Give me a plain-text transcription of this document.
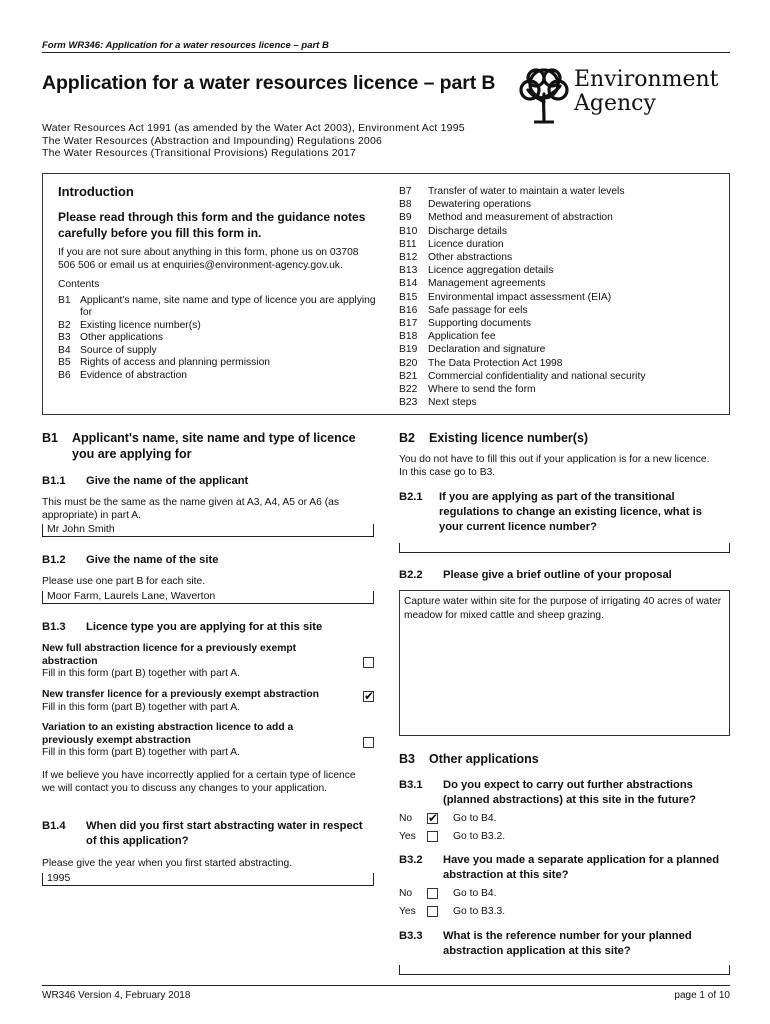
Form WR346: Application for a water resources licence – part B
Application for a water resources licence – part B	Environment
Agency
Water Resources Act 1991 (as amended by the Water Act 2003), Environment Act 1995
The Water Resources (Abstraction and Impounding) Regulations 2006
The Water Resources (Transitional Provisions) Regulations 2017
Introduction
Please read through this form and the guidance notes carefully before you fill this form in.
If you are not sure about anything in this form, phone us on 03708 506 506 or email us at enquiries@environment-agency.gov.uk.
Contents
B1 Applicant's name, site name and type of licence you are applying for
B2 Existing licence number(s)
B3 Other applications
B4 Source of supply
B5 Rights of access and planning permission
B6 Evidence of abstraction
B7	Transfer of water to maintain a water levels
B8	Dewatering operations
B9	Method and measurement of abstraction
B10	Discharge details
B11	Licence duration
B12	Other abstractions
B13	Licence aggregation details
B14	Management agreements
B15	Environmental impact assessment (EIA)
B16	Safe passage for eels
B17	Supporting documents
B18	Application fee
B19	Declaration and signature
B20	The Data Protection Act 1998
B21	Commercial confidentiality and national security
B22	Where to send the form
B23	Next steps
B1	Applicant's name, site name and type of licence you are applying for
B1.1	Give the name of the applicant
This must be the same as the name given at A3, A4, A5 or A6 (as appropriate) in part A.
Mr John Smith
B1.2	Give the name of the site
Please use one part B for each site.
Moor Farm, Laurels Lane, Waverton
B1.3	Licence type you are applying for at this site
New full abstraction licence for a previously exempt abstraction
Fill in this form (part B) together with part A.
New transfer licence for a previously exempt abstraction
Fill in this form (part B) together with part A.
✔
Variation to an existing abstraction licence to add a previously exempt abstraction
Fill in this form (part B) together with part A.
If we believe you have incorrectly applied for a certain type of licence we will contact you to discuss any changes to your application.
B1.4	When did you first start abstracting water in respect of this application?
Please give the year when you first started abstracting.
1995
B2	Existing licence number(s)
You do not have to fill this out if your application is for a new licence. In this case go to B3.
B2.1	If you are applying as part of the transitional regulations to change an existing licence, what is your current licence number?
B2.2	Please give a brief outline of your proposal
Capture water within site for the purpose of irrigating 40 acres of water meadow for mixed cattle and sheep grazing.
B3	Other applications
B3.1	Do you expect to carry out further abstractions (planned abstractions) at this site in the future?
No
✔	Go to B4.
Yes	Go to B3.2.
B3.2	Have you made a separate application for a planned abstraction at this site?
No	Go to B4.
Yes	Go to B3.3.
B3.3	What is the reference number for your planned abstraction application at this site?
WR346 Version 4, February 2018	page 1 of 10
